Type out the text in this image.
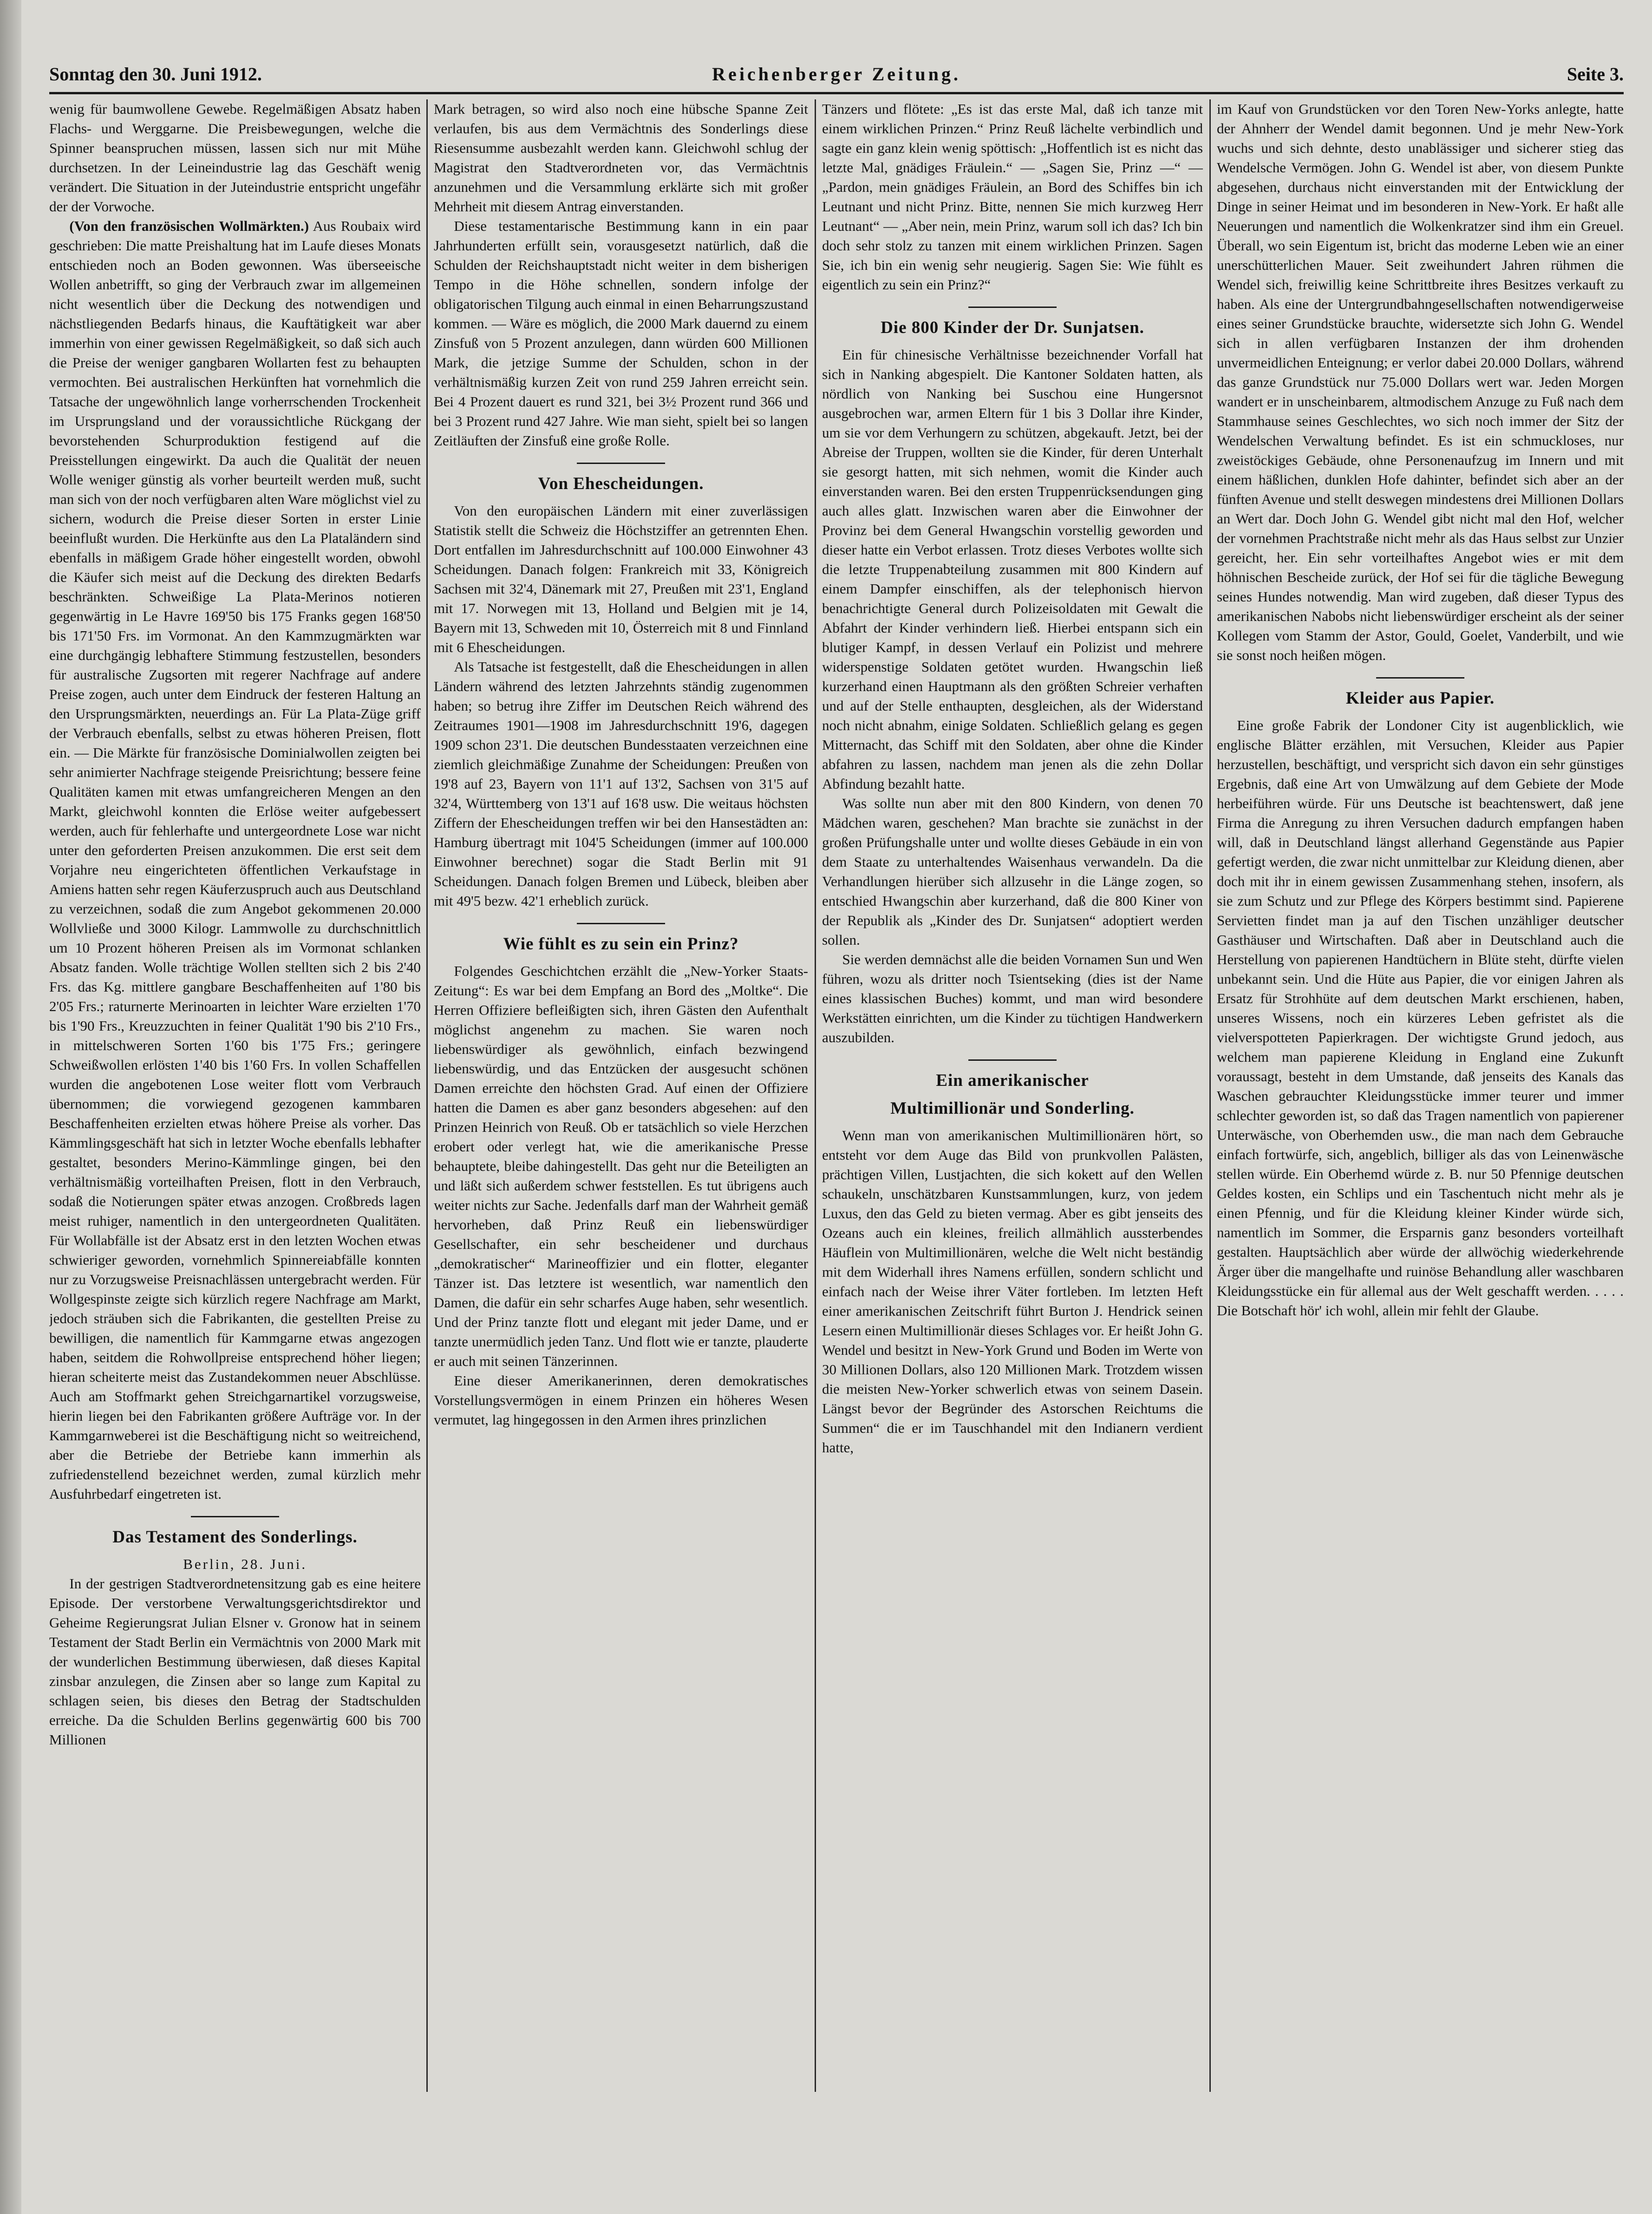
Sonntag den 30. Juni 1912.	Reichenberger Zeitung.	Seite 3.

wenig für baumwollene Gewebe. Regelmäßigen Absatz haben Flachs- und Werggarne. Die Preisbewegungen, welche die Spinner beanspruchen müssen, lassen sich nur mit Mühe durchsetzen. In der Leineindustrie lag das Geschäft wenig verändert. Die Situation in der Juteindustrie entspricht ungefähr der der Vorwoche.

(Von den französischen Wollmärkten.) Aus Roubaix wird geschrieben: Die matte Preishaltung hat im Laufe dieses Monats entschieden noch an Boden gewonnen. Was überseeische Wollen anbetrifft, so ging der Verbrauch zwar im allgemeinen nicht wesentlich über die Deckung des notwendigen und nächstliegenden Bedarfs hinaus, die Kauftätigkeit war aber immerhin von einer gewissen Regelmäßigkeit, so daß sich auch die Preise der weniger gangbaren Wollarten fest zu behaupten vermochten. Bei australischen Herkünften hat vornehmlich die Tatsache der ungewöhnlich lange vorherrschenden Trockenheit im Ursprungsland und der voraussichtliche Rückgang der bevorstehenden Schurproduktion festigend auf die Preisstellungen eingewirkt. Da auch die Qualität der neuen Wolle weniger günstig als vorher beurteilt werden muß, sucht man sich von der noch verfügbaren alten Ware möglichst viel zu sichern, wodurch die Preise dieser Sorten in erster Linie beeinflußt wurden. Die Herkünfte aus den La Plataländern sind ebenfalls in mäßigem Grade höher eingestellt worden, obwohl die Käufer sich meist auf die Deckung des direkten Bedarfs beschränkten. Schweißige La Plata-Merinos notieren gegenwärtig in Le Havre 169'50 bis 175 Franks gegen 168'50 bis 171'50 Frs. im Vormonat. An den Kammzugmärkten war eine durchgängig lebhaftere Stimmung festzustellen, besonders für australische Zugsorten mit regerer Nachfrage auf andere Preise zogen, auch unter dem Eindruck der festeren Haltung an den Ursprungsmärkten, neuerdings an. Für La Plata-Züge griff der Verbrauch ebenfalls, selbst zu etwas höheren Preisen, flott ein. — Die Märkte für französische Dominialwollen zeigten bei sehr animierter Nachfrage steigende Preisrichtung; bessere feine Qualitäten kamen mit etwas umfangreicheren Mengen an den Markt, gleichwohl konnten die Erlöse weiter aufgebessert werden, auch für fehlerhafte und untergeordnete Lose war nicht unter den geforderten Preisen anzukommen. Die erst seit dem Vorjahre neu eingerichteten öffentlichen Verkaufstage in Amiens hatten sehr regen Käuferzuspruch auch aus Deutschland zu verzeichnen, sodaß die zum Angebot gekommenen 20.000 Wollvließe und 3000 Kilogr. Lammwolle zu durchschnittlich um 10 Prozent höheren Preisen als im Vormonat schlanken Absatz fanden. Wolle trächtige Wollen stellten sich 2 bis 2'40 Frs. das Kg. mittlere gangbare Beschaffenheiten auf 1'80 bis 2'05 Frs.; raturnerte Merinoarten in leichter Ware erzielten 1'70 bis 1'90 Frs., Kreuzzuchten in feiner Qualität 1'90 bis 2'10 Frs., in mittelschweren Sorten 1'60 bis 1'75 Frs.; geringere Schweißwollen erlösten 1'40 bis 1'60 Frs. In vollen Schaffellen wurden die angebotenen Lose weiter flott vom Verbrauch übernommen; die vorwiegend gezogenen kammbaren Beschaffenheiten erzielten etwas höhere Preise als vorher. Das Kämmlingsgeschäft hat sich in letzter Woche ebenfalls lebhafter gestaltet, besonders Merino-Kämmlinge gingen, bei den verhältnismäßig vorteilhaften Preisen, flott in den Verbrauch, sodaß die Notierungen später etwas anzogen. Croßbreds lagen meist ruhiger, namentlich in den untergeordneten Qualitäten. Für Wollabfälle ist der Absatz erst in den letzten Wochen etwas schwieriger geworden, vornehmlich Spinnereiabfälle konnten nur zu Vorzugsweise Preisnachlässen untergebracht werden. Für Wollgespinste zeigte sich kürzlich regere Nachfrage am Markt, jedoch sträuben sich die Fabrikanten, die gestellten Preise zu bewilligen, die namentlich für Kammgarne etwas angezogen haben, seitdem die Rohwollpreise entsprechend höher liegen; hieran scheiterte meist das Zustandekommen neuer Abschlüsse. Auch am Stoffmarkt gehen Streichgarnartikel vorzugsweise, hierin liegen bei den Fabrikanten größere Aufträge vor. In der Kammgarnweberei ist die Beschäftigung nicht so weitreichend, aber die Betriebe der Betriebe kann immerhin als zufriedenstellend bezeichnet werden, zumal kürzlich mehr Ausfuhrbedarf eingetreten ist.

Das Testament des Sonderlings.

Berlin, 28. Juni.

In der gestrigen Stadtverordnetensitzung gab es eine heitere Episode. Der verstorbene Verwaltungsgerichtsdirektor und Geheime Regierungsrat Julian Elsner v. Gronow hat in seinem Testament der Stadt Berlin ein Vermächtnis von 2000 Mark mit der wunderlichen Bestimmung überwiesen, daß dieses Kapital zinsbar anzulegen, die Zinsen aber so lange zum Kapital zu schlagen seien, bis dieses den Betrag der Stadtschulden erreiche. Da die Schulden Berlins gegenwärtig 600 bis 700 Millionen

Mark betragen, so wird also noch eine hübsche Spanne Zeit verlaufen, bis aus dem Vermächtnis des Sonderlings diese Riesensumme ausbezahlt werden kann. Gleichwohl schlug der Magistrat den Stadtverordneten vor, das Vermächtnis anzunehmen und die Versammlung erklärte sich mit großer Mehrheit mit diesem Antrag einverstanden.

Diese testamentarische Bestimmung kann in ein paar Jahrhunderten erfüllt sein, vorausgesetzt natürlich, daß die Schulden der Reichshauptstadt nicht weiter in dem bisherigen Tempo in die Höhe schnellen, sondern infolge der obligatorischen Tilgung auch einmal in einen Beharrungszustand kommen. — Wäre es möglich, die 2000 Mark dauernd zu einem Zinsfuß von 5 Prozent anzulegen, dann würden 600 Millionen Mark, die jetzige Summe der Schulden, schon in der verhältnismäßig kurzen Zeit von rund 259 Jahren erreicht sein. Bei 4 Prozent dauert es rund 321, bei 3½ Prozent rund 366 und bei 3 Prozent rund 427 Jahre. Wie man sieht, spielt bei so langen Zeitläuften der Zinsfuß eine große Rolle.

Von Ehescheidungen.

Von den europäischen Ländern mit einer zuverlässigen Statistik stellt die Schweiz die Höchstziffer an getrennten Ehen. Dort entfallen im Jahresdurchschnitt auf 100.000 Einwohner 43 Scheidungen. Danach folgen: Frankreich mit 33, Königreich Sachsen mit 32'4, Dänemark mit 27, Preußen mit 23'1, England mit 17. Norwegen mit 13, Holland und Belgien mit je 14, Bayern mit 13, Schweden mit 10, Österreich mit 8 und Finnland mit 6 Ehescheidungen.

Als Tatsache ist festgestellt, daß die Ehescheidungen in allen Ländern während des letzten Jahrzehnts ständig zugenommen haben; so betrug ihre Ziffer im Deutschen Reich während des Zeitraumes 1901—1908 im Jahresdurchschnitt 19'6, dagegen 1909 schon 23'1. Die deutschen Bundesstaaten verzeichnen eine ziemlich gleichmäßige Zunahme der Scheidungen: Preußen von 19'8 auf 23, Bayern von 11'1 auf 13'2, Sachsen von 31'5 auf 32'4, Württemberg von 13'1 auf 16'8 usw. Die weitaus höchsten Ziffern der Ehescheidungen treffen wir bei den Hansestädten an: Hamburg übertragt mit 104'5 Scheidungen (immer auf 100.000 Einwohner berechnet) sogar die Stadt Berlin mit 91 Scheidungen. Danach folgen Bremen und Lübeck, bleiben aber mit 49'5 bezw. 42'1 erheblich zurück.

Wie fühlt es zu sein ein Prinz?

Folgendes Geschichtchen erzählt die „New-Yorker Staats-Zeitung“: Es war bei dem Empfang an Bord des „Moltke“. Die Herren Offiziere befleißigten sich, ihren Gästen den Aufenthalt möglichst angenehm zu machen. Sie waren noch liebenswürdiger als gewöhnlich, einfach bezwingend liebenswürdig, und das Entzücken der ausgesucht schönen Damen erreichte den höchsten Grad. Auf einen der Offiziere hatten die Damen es aber ganz besonders abgesehen: auf den Prinzen Heinrich von Reuß. Ob er tatsächlich so viele Herzchen erobert oder verlegt hat, wie die amerikanische Presse behauptete, bleibe dahingestellt. Das geht nur die Beteiligten an und läßt sich außerdem schwer feststellen. Es tut übrigens auch weiter nichts zur Sache. Jedenfalls darf man der Wahrheit gemäß hervorheben, daß Prinz Reuß ein liebenswürdiger Gesellschafter, ein sehr bescheidener und durchaus „demokratischer“ Marineoffizier und ein flotter, eleganter Tänzer ist. Das letztere ist wesentlich, war namentlich den Damen, die dafür ein sehr scharfes Auge haben, sehr wesentlich. Und der Prinz tanzte flott und elegant mit jeder Dame, und er tanzte unermüdlich jeden Tanz. Und flott wie er tanzte, plauderte er auch mit seinen Tänzerinnen.

Eine dieser Amerikanerinnen, deren demokratisches Vorstellungsvermögen in einem Prinzen ein höheres Wesen vermutet, lag hingegossen in den Armen ihres prinzlichen

Tänzers und flötete: „Es ist das erste Mal, daß ich tanze mit einem wirklichen Prinzen.“ Prinz Reuß lächelte verbindlich und sagte ein ganz klein wenig spöttisch: „Hoffentlich ist es nicht das letzte Mal, gnädiges Fräulein.“ — „Sagen Sie, Prinz —“ — „Pardon, mein gnädiges Fräulein, an Bord des Schiffes bin ich Leutnant und nicht Prinz. Bitte, nennen Sie mich kurzweg Herr Leutnant“ — „Aber nein, mein Prinz, warum soll ich das? Ich bin doch sehr stolz zu tanzen mit einem wirklichen Prinzen. Sagen Sie, ich bin ein wenig sehr neugierig. Sagen Sie: Wie fühlt es eigentlich zu sein ein Prinz?“

Die 800 Kinder der Dr. Sunjatsen.

Ein für chinesische Verhältnisse bezeichnender Vorfall hat sich in Nanking abgespielt. Die Kantoner Soldaten hatten, als nördlich von Nanking bei Suschou eine Hungersnot ausgebrochen war, armen Eltern für 1 bis 3 Dollar ihre Kinder, um sie vor dem Verhungern zu schützen, abgekauft. Jetzt, bei der Abreise der Truppen, wollten sie die Kinder, für deren Unterhalt sie gesorgt hatten, mit sich nehmen, womit die Kinder auch einverstanden waren. Bei den ersten Truppenrücksendungen ging auch alles glatt. Inzwischen waren aber die Einwohner der Provinz bei dem General Hwangschin vorstellig geworden und dieser hatte ein Verbot erlassen. Trotz dieses Verbotes wollte sich die letzte Truppenabteilung zusammen mit 800 Kindern auf einem Dampfer einschiffen, als der telephonisch hiervon benachrichtigte General durch Polizeisoldaten mit Gewalt die Abfahrt der Kinder verhindern ließ. Hierbei entspann sich ein blutiger Kampf, in dessen Verlauf ein Polizist und mehrere widerspenstige Soldaten getötet wurden. Hwangschin ließ kurzerhand einen Hauptmann als den größten Schreier verhaften und auf der Stelle enthaupten, desgleichen, als der Widerstand noch nicht abnahm, einige Soldaten. Schließlich gelang es gegen Mitternacht, das Schiff mit den Soldaten, aber ohne die Kinder abfahren zu lassen, nachdem man jenen als die zehn Dollar Abfindung bezahlt hatte.

Was sollte nun aber mit den 800 Kindern, von denen 70 Mädchen waren, geschehen? Man brachte sie zunächst in der großen Prüfungshalle unter und wollte dieses Gebäude in ein von dem Staate zu unterhaltendes Waisenhaus verwandeln. Da die Verhandlungen hierüber sich allzusehr in die Länge zogen, so entschied Hwangschin aber kurzerhand, daß die 800 Kiner von der Republik als „Kinder des Dr. Sunjatsen“ adoptiert werden sollen.

Sie werden demnächst alle die beiden Vornamen Sun und Wen führen, wozu als dritter noch Tsientseking (dies ist der Name eines klassischen Buches) kommt, und man wird besondere Werkstätten einrichten, um die Kinder zu tüchtigen Handwerkern auszubilden.

Ein amerikanischer
Multimillionär und Sonderling.

Wenn man von amerikanischen Multimillionären hört, so entsteht vor dem Auge das Bild von prunkvollen Palästen, prächtigen Villen, Lustjachten, die sich kokett auf den Wellen schaukeln, unschätzbaren Kunstsammlungen, kurz, von jedem Luxus, den das Geld zu bieten vermag. Aber es gibt jenseits des Ozeans auch ein kleines, freilich allmählich aussterbendes Häuflein von Multimillionären, welche die Welt nicht beständig mit dem Widerhall ihres Namens erfüllen, sondern schlicht und einfach nach der Weise ihrer Väter fortleben. Im letzten Heft einer amerikanischen Zeitschrift führt Burton J. Hendrick seinen Lesern einen Multimillionär dieses Schlages vor. Er heißt John G. Wendel und besitzt in New-York Grund und Boden im Werte von 30 Millionen Dollars, also 120 Millionen Mark. Trotzdem wissen die meisten New-Yorker schwerlich etwas von seinem Dasein. Längst bevor der Begründer des Astorschen Reichtums die Summen“ die er im Tauschhandel mit den Indianern verdient hatte,

im Kauf von Grundstücken vor den Toren New-Yorks anlegte, hatte der Ahnherr der Wendel damit begonnen. Und je mehr New-York wuchs und sich dehnte, desto unablässiger und sicherer stieg das Wendelsche Vermögen. John G. Wendel ist aber, von diesem Punkte abgesehen, durchaus nicht einverstanden mit der Entwicklung der Dinge in seiner Heimat und im besonderen in New-York. Er haßt alle Neuerungen und namentlich die Wolkenkratzer sind ihm ein Greuel. Überall, wo sein Eigentum ist, bricht das moderne Leben wie an einer unerschütterlichen Mauer. Seit zweihundert Jahren rühmen die Wendel sich, freiwillig keine Schrittbreite ihres Besitzes verkauft zu haben. Als eine der Untergrundbahngesellschaften notwendigerweise eines seiner Grundstücke brauchte, widersetzte sich John G. Wendel sich in allen verfügbaren Instanzen der ihm drohenden unvermeidlichen Enteignung; er verlor dabei 20.000 Dollars, während das ganze Grundstück nur 75.000 Dollars wert war. Jeden Morgen wandert er in unscheinbarem, altmodischem Anzuge zu Fuß nach dem Stammhause seines Geschlechtes, wo sich noch immer der Sitz der Wendelschen Verwaltung befindet. Es ist ein schmuckloses, nur zweistöckiges Gebäude, ohne Personenaufzug im Innern und mit einem häßlichen, dunklen Hofe dahinter, befindet sich aber an der fünften Avenue und stellt deswegen mindestens drei Millionen Dollars an Wert dar. Doch John G. Wendel gibt nicht mal den Hof, welcher der vornehmen Prachtstraße nicht mehr als das Haus selbst zur Unzier gereicht, her. Ein sehr vorteilhaftes Angebot wies er mit dem höhnischen Bescheide zurück, der Hof sei für die tägliche Bewegung seines Hundes notwendig. Man wird zugeben, daß dieser Typus des amerikanischen Nabobs nicht liebenswürdiger erscheint als der seiner Kollegen vom Stamm der Astor, Gould, Goelet, Vanderbilt, und wie sie sonst noch heißen mögen.

Kleider aus Papier.

Eine große Fabrik der Londoner City ist augenblicklich, wie englische Blätter erzählen, mit Versuchen, Kleider aus Papier herzustellen, beschäftigt, und verspricht sich davon ein sehr günstiges Ergebnis, daß eine Art von Umwälzung auf dem Gebiete der Mode herbeiführen würde. Für uns Deutsche ist beachtenswert, daß jene Firma die Anregung zu ihren Versuchen dadurch empfangen haben will, daß in Deutschland längst allerhand Gegenstände aus Papier gefertigt werden, die zwar nicht unmittelbar zur Kleidung dienen, aber doch mit ihr in einem gewissen Zusammenhang stehen, insofern, als sie zum Schutz und zur Pflege des Körpers bestimmt sind. Papierene Servietten findet man ja auf den Tischen unzähliger deutscher Gasthäuser und Wirtschaften. Daß aber in Deutschland auch die Herstellung von papierenen Handtüchern in Blüte steht, dürfte vielen unbekannt sein. Und die Hüte aus Papier, die vor einigen Jahren als Ersatz für Strohhüte auf dem deutschen Markt erschienen, haben, unseres Wissens, noch ein kürzeres Leben gefristet als die vielverspotteten Papierkragen. Der wichtigste Grund jedoch, aus welchem man papierene Kleidung in England eine Zukunft voraussagt, besteht in dem Umstande, daß jenseits des Kanals das Waschen gebrauchter Kleidungsstücke immer teurer und immer schlechter geworden ist, so daß das Tragen namentlich von papierener Unterwäsche, von Oberhemden usw., die man nach dem Gebrauche einfach fortwürfe, sich, angeblich, billiger als das von Leinenwäsche stellen würde. Ein Oberhemd würde z. B. nur 50 Pfennige deutschen Geldes kosten, ein Schlips und ein Taschentuch nicht mehr als je einen Pfennig, und für die Kleidung kleiner Kinder würde sich, namentlich im Sommer, die Ersparnis ganz besonders vorteilhaft gestalten. Hauptsächlich aber würde der allwöchig wiederkehrende Ärger über die mangelhafte und ruinöse Behandlung aller waschbaren Kleidungsstücke ein für allemal aus der Welt geschafft werden. . . . . Die Botschaft hör' ich wohl, allein mir fehlt der Glaube.
